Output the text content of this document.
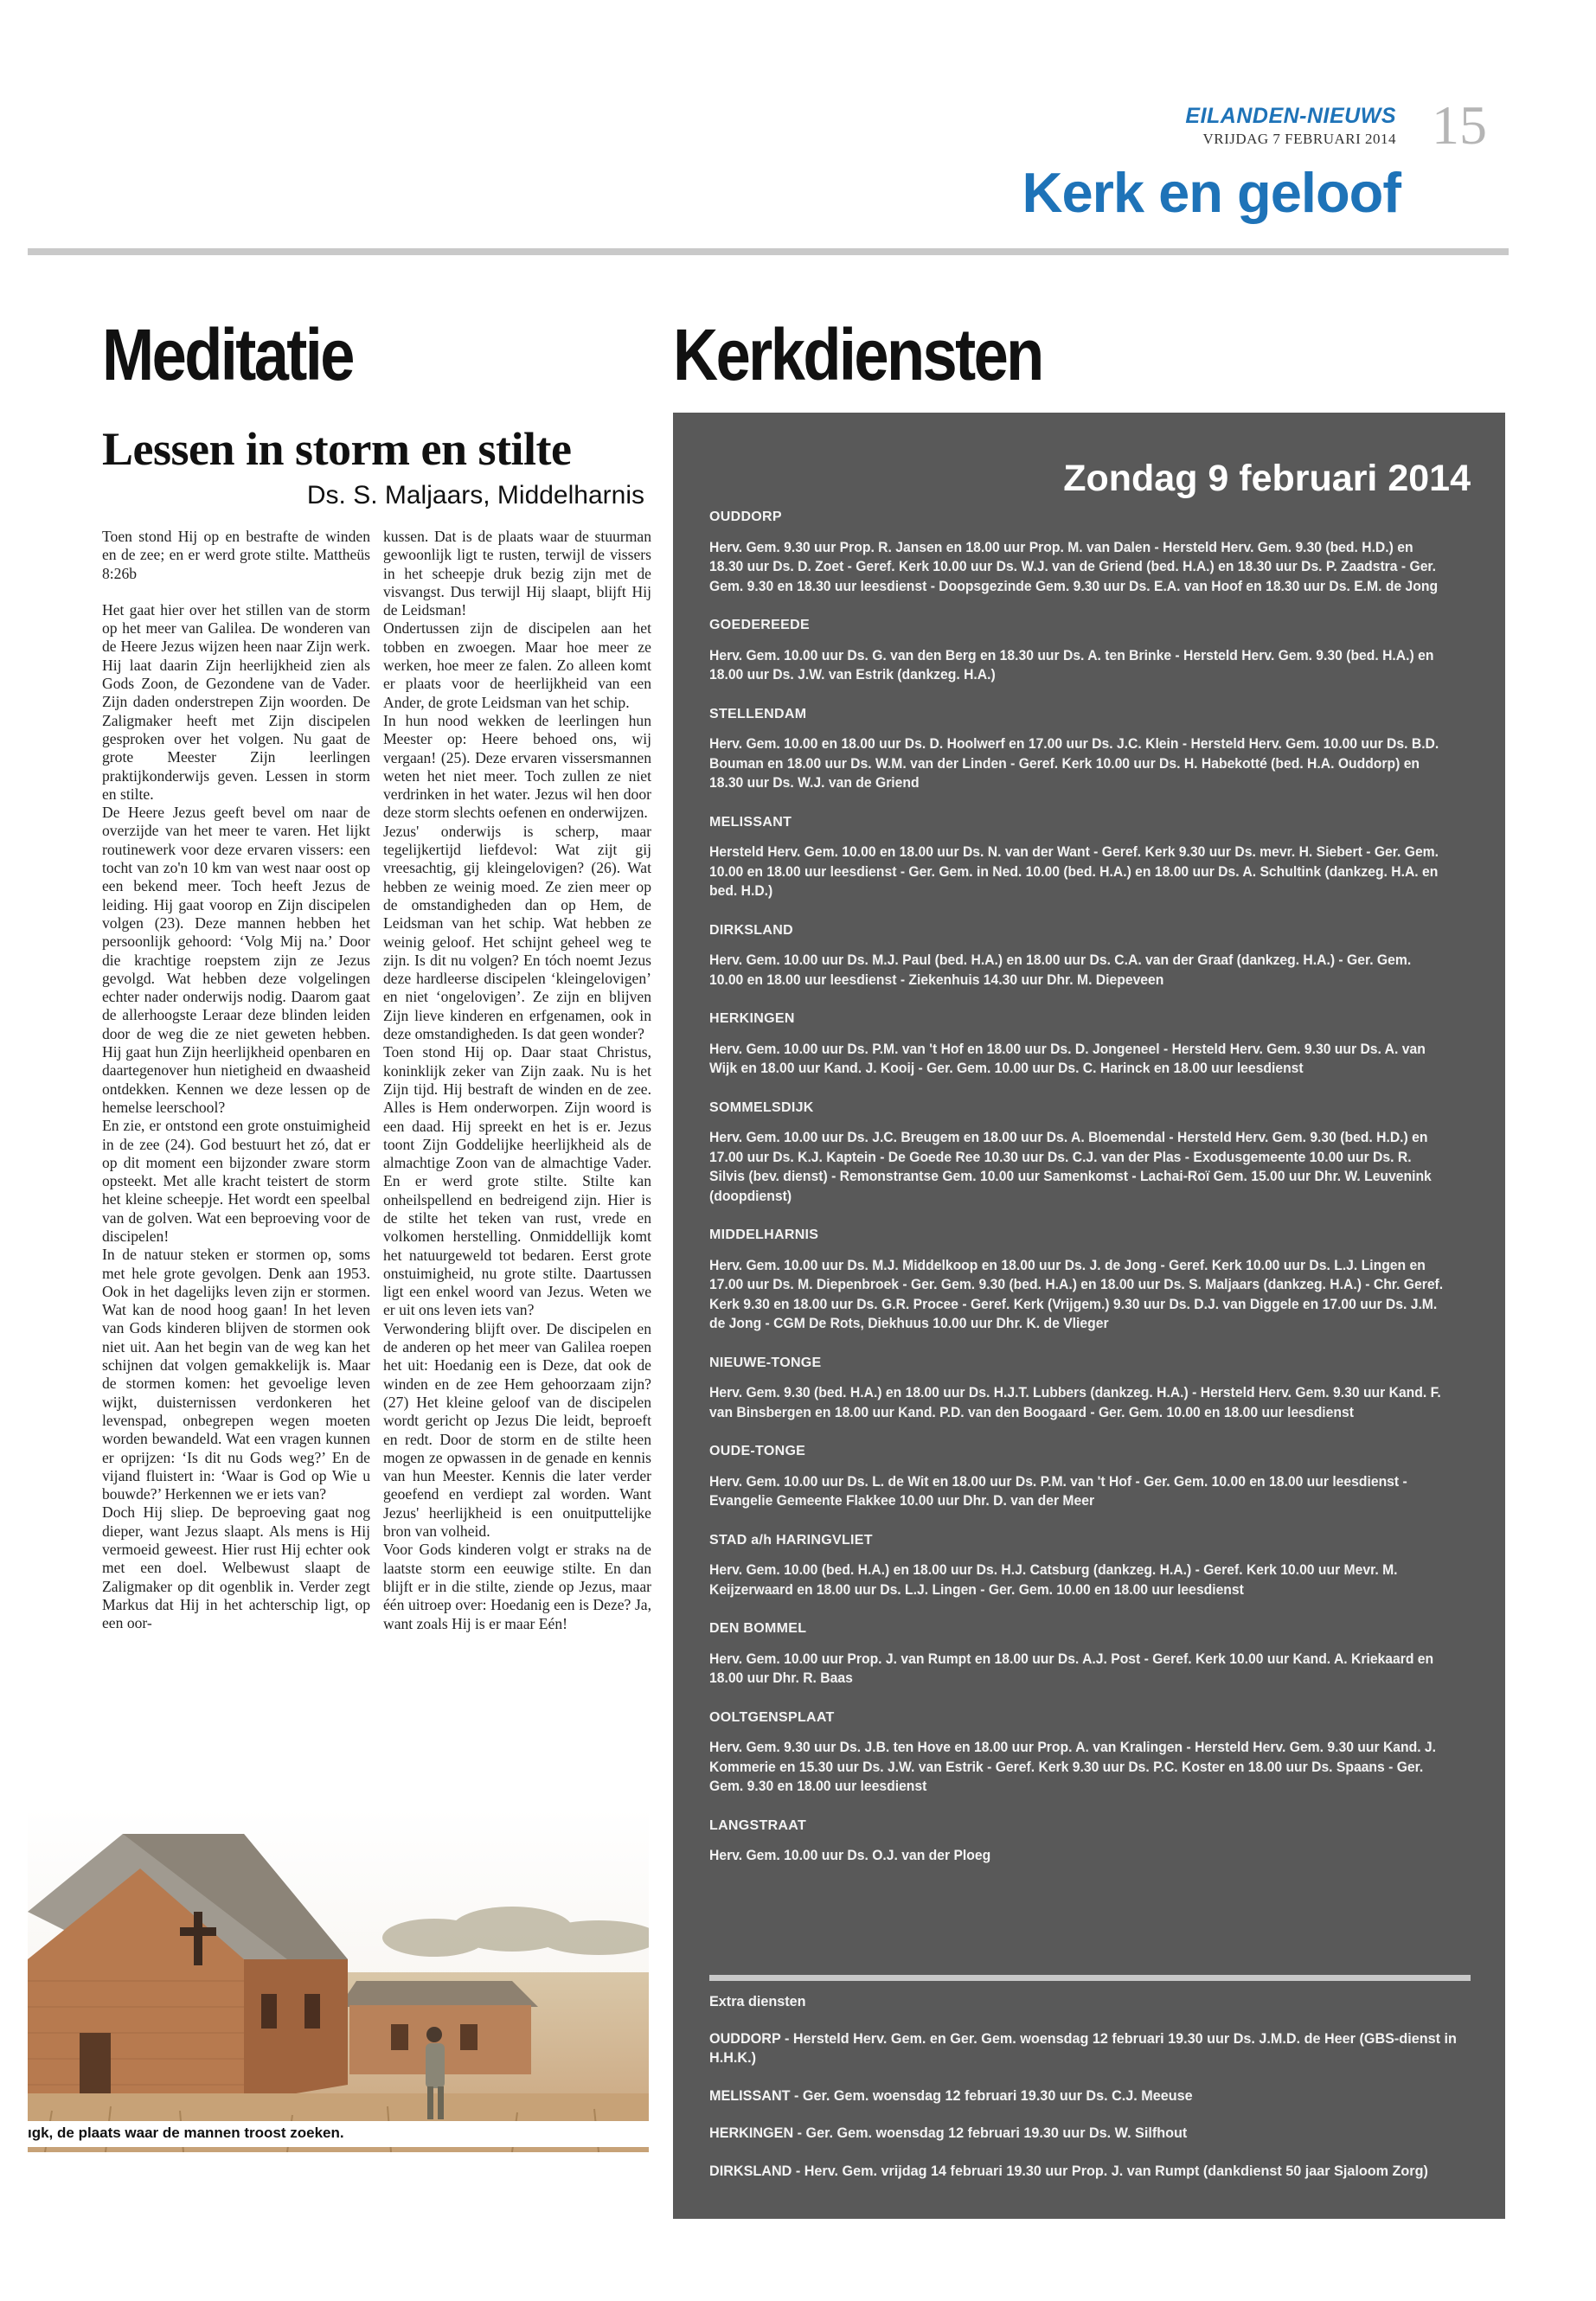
EILANDEN-NIEUWS
VRIJDAG 7 FEBRUARI 2014 15
Kerk en geloof
Meditatie
Lessen in storm en stilte
Ds. S. Maljaars, Middelharnis

Toen stond Hij op en bestrafte de winden en de zee; en er werd grote stilte. Mattheüs 8:26b

Het gaat hier over het stillen van de storm op het meer van Galilea. De wonderen van de Heere Jezus wijzen heen naar Zijn werk. Hij laat daarin Zijn heerlijkheid zien als Gods Zoon, de Gezondene van de Vader. Zijn daden onderstrepen Zijn woorden. De Zaligmaker heeft met Zijn discipelen gesproken over het volgen. Nu gaat de grote Meester Zijn leerlingen praktijkonderwijs geven. Lessen in storm en stilte.

De Heere Jezus geeft bevel om naar de overzijde van het meer te varen. Het lijkt routinewerk voor deze ervaren vissers: een tocht van zo'n 10 km van west naar oost op een bekend meer. Toch heeft Jezus de leiding. Hij gaat voorop en Zijn discipelen volgen (23). Deze mannen hebben het persoonlijk gehoord: ‘Volg Mij na.’ Door die krachtige roepstem zijn ze Jezus gevolgd. Wat hebben deze volgelingen echter nader onderwijs nodig. Daarom gaat de allerhoogste Leraar deze blinden leiden door de weg die ze niet geweten hebben. Hij gaat hun Zijn heerlijkheid openbaren en daartegenover hun nietigheid en dwaasheid ontdekken. Kennen we deze lessen op de hemelse leerschool?

En zie, er ontstond een grote onstuimigheid in de zee (24). God bestuurt het zó, dat er op dit moment een bijzonder zware storm opsteekt. Met alle kracht teistert de storm het kleine scheepje. Het wordt een speelbal van de golven. Wat een beproeving voor de discipelen!

In de natuur steken er stormen op, soms met hele grote gevolgen. Denk aan 1953. Ook in het dagelijks leven zijn er stormen. Wat kan de nood hoog gaan! In het leven van Gods kinderen blijven de stormen ook niet uit. Aan het begin van de weg kan het schijnen dat volgen gemakkelijk is. Maar de stormen komen: het gevoelige leven wijkt, duisternissen verdonkeren het levenspad, onbegrepen wegen moeten worden bewandeld. Wat een vragen kunnen er oprijzen: ‘Is dit nu Gods weg?’ En de vijand fluistert in: ‘Waar is God op Wie u bouwde?’ Herkennen we er iets van?

Doch Hij sliep. De beproeving gaat nog dieper, want Jezus slaapt. Als mens is Hij vermoeid geweest. Hier rust Hij echter ook met een doel. Welbewust slaapt de Zaligmaker op dit ogenblik in. Verder zegt Markus dat Hij in het achterschip ligt, op een oor-

kussen. Dat is de plaats waar de stuurman gewoonlijk ligt te rusten, terwijl de vissers in het scheepje druk bezig zijn met de visvangst. Dus terwijl Hij slaapt, blijft Hij de Leidsman!

Ondertussen zijn de discipelen aan het tobben en zwoegen. Maar hoe meer ze werken, hoe meer ze falen. Zo alleen komt er plaats voor de heerlijkheid van een Ander, de grote Leidsman van het schip.

In hun nood wekken de leerlingen hun Meester op: Heere behoed ons, wij vergaan! (25). Deze ervaren vissersmannen weten het niet meer. Toch zullen ze niet verdrinken in het water. Jezus wil hen door deze storm slechts oefenen en onderwijzen.

Jezus' onderwijs is scherp, maar tegelijkertijd liefdevol: Wat zijt gij vreesachtig, gij kleingelovigen? (26). Wat hebben ze weinig moed. Ze zien meer op de omstandigheden dan op Hem, de Leidsman van het schip. Wat hebben ze weinig geloof. Het schijnt geheel weg te zijn. Is dit nu volgen? En tóch noemt Jezus deze hardleerse discipelen ‘kleingelovigen’ en niet ‘ongelovigen’. Ze zijn en blijven Zijn lieve kinderen en erfgenamen, ook in deze omstandigheden. Is dat geen wonder?

Toen stond Hij op. Daar staat Christus, koninklijk zeker van Zijn zaak. Nu is het Zijn tijd. Hij bestraft de winden en de zee. Alles is Hem onderworpen. Zijn woord is een daad. Hij spreekt en het is er. Jezus toont Zijn Goddelijke heerlijkheid als de almachtige Zoon van de almachtige Vader. En er werd grote stilte. Stilte kan onheilspellend en bedreigend zijn. Hier is de stilte het teken van rust, vrede en volkomen herstelling. Onmiddellijk komt het natuurgeweld tot bedaren. Eerst grote onstuimigheid, nu grote stilte. Daartussen ligt een enkel woord van Jezus. Weten we er uit ons leven iets van?

Verwondering blijft over. De discipelen en de anderen op het meer van Galilea roepen het uit: Hoedanig een is Deze, dat ook de winden en de zee Hem gehoorzaam zijn? (27) Het kleine geloof van de discipelen wordt gericht op Jezus Die leidt, beproeft en redt. Door de storm en de stilte heen mogen ze opwassen in de genade en kennis van hun Meester. Kennis die later verder geoefend en verdiept zal worden. Want Jezus' heerlijkheid is een onuitputtelijke bron van volheid.

Voor Gods kinderen volgt er straks na de laatste storm een eeuwige stilte. En dan blijft er in die stilte, ziende op Jezus, maar één uitroep over: Hoedanig een is Deze? Ja, want zoals Hij is er maar Eén!

ıgk, de plaats waar de mannen troost zoeken.
Kerkdiensten
Zondag 9 februari 2014
OUDDORP
Herv. Gem. 9.30 uur Prop. R. Jansen en 18.00 uur Prop. M. van Dalen - Hersteld Herv. Gem. 9.30 (bed. H.D.) en 18.30 uur Ds. D. Zoet - Geref. Kerk 10.00 uur Ds. W.J. van de Griend (bed. H.A.) en 18.30 uur Ds. P. Zaadstra - Ger. Gem. 9.30 en 18.30 uur leesdienst - Doopsgezinde Gem. 9.30 uur Ds. E.A. van Hoof en 18.30 uur Ds. E.M. de Jong
GOEDEREEDE
Herv. Gem. 10.00 uur Ds. G. van den Berg en 18.30 uur Ds. A. ten Brinke - Hersteld Herv. Gem. 9.30 (bed. H.A.) en 18.00 uur Ds. J.W. van Estrik (dankzeg. H.A.)
STELLENDAM
Herv. Gem. 10.00 en 18.00 uur Ds. D. Hoolwerf en 17.00 uur Ds. J.C. Klein - Hersteld Herv. Gem. 10.00 uur Ds. B.D. Bouman en 18.00 uur Ds. W.M. van der Linden - Geref. Kerk 10.00 uur Ds. H. Habekotté (bed. H.A. Ouddorp) en 18.30 uur Ds. W.J. van de Griend
MELISSANT
Hersteld Herv. Gem. 10.00 en 18.00 uur Ds. N. van der Want - Geref. Kerk 9.30 uur Ds. mevr. H. Siebert - Ger. Gem. 10.00 en 18.00 uur leesdienst - Ger. Gem. in Ned. 10.00 (bed. H.A.) en 18.00 uur Ds. A. Schultink (dankzeg. H.A. en bed. H.D.)
DIRKSLAND
Herv. Gem. 10.00 uur Ds. M.J. Paul (bed. H.A.) en 18.00 uur Ds. C.A. van der Graaf (dankzeg. H.A.) - Ger. Gem. 10.00 en 18.00 uur leesdienst - Ziekenhuis 14.30 uur Dhr. M. Diepeveen
HERKINGEN
Herv. Gem. 10.00 uur Ds. P.M. van 't Hof en 18.00 uur Ds. D. Jongeneel - Hersteld Herv. Gem. 9.30 uur Ds. A. van Wijk en 18.00 uur Kand. J. Kooij - Ger. Gem. 10.00 uur Ds. C. Harinck en 18.00 uur leesdienst
SOMMELSDIJK
Herv. Gem. 10.00 uur Ds. J.C. Breugem en 18.00 uur Ds. A. Bloemendal - Hersteld Herv. Gem. 9.30 (bed. H.D.) en 17.00 uur Ds. K.J. Kaptein - De Goede Ree 10.30 uur Ds. C.J. van der Plas - Exodusgemeente 10.00 uur Ds. R. Silvis (bev. dienst) - Remonstrantse Gem. 10.00 uur Samenkomst - Lachai-Roï Gem. 15.00 uur Dhr. W. Leuvenink (doopdienst)
MIDDELHARNIS
Herv. Gem. 10.00 uur Ds. M.J. Middelkoop en 18.00 uur Ds. J. de Jong - Geref. Kerk 10.00 uur Ds. L.J. Lingen en 17.00 uur Ds. M. Diepenbroek - Ger. Gem. 9.30 (bed. H.A.) en 18.00 uur Ds. S. Maljaars (dankzeg. H.A.) - Chr. Geref. Kerk 9.30 en 18.00 uur Ds. G.R. Procee - Geref. Kerk (Vrijgem.) 9.30 uur Ds. D.J. van Diggele en 17.00 uur Ds. J.M. de Jong - CGM De Rots, Diekhuus 10.00 uur Dhr. K. de Vlieger
NIEUWE-TONGE
Herv. Gem. 9.30 (bed. H.A.) en 18.00 uur Ds. H.J.T. Lubbers (dankzeg. H.A.) - Hersteld Herv. Gem. 9.30 uur Kand. F. van Binsbergen en 18.00 uur Kand. P.D. van den Boogaard - Ger. Gem. 10.00 en 18.00 uur leesdienst
OUDE-TONGE
Herv. Gem. 10.00 uur Ds. L. de Wit en 18.00 uur Ds. P.M. van 't Hof - Ger. Gem. 10.00 en 18.00 uur leesdienst - Evangelie Gemeente Flakkee 10.00 uur Dhr. D. van der Meer
STAD a/h HARINGVLIET
Herv. Gem. 10.00 (bed. H.A.) en 18.00 uur Ds. H.J. Catsburg (dankzeg. H.A.) - Geref. Kerk 10.00 uur Mevr. M. Keijzerwaard en 18.00 uur Ds. L.J. Lingen - Ger. Gem. 10.00 en 18.00 uur leesdienst
DEN BOMMEL
Herv. Gem. 10.00 uur Prop. J. van Rumpt en 18.00 uur Ds. A.J. Post - Geref. Kerk 10.00 uur Kand. A. Kriekaard en 18.00 uur Dhr. R. Baas
OOLTGENSPLAAT
Herv. Gem. 9.30 uur Ds. J.B. ten Hove en 18.00 uur Prop. A. van Kralingen - Hersteld Herv. Gem. 9.30 uur Kand. J. Kommerie en 15.30 uur Ds. J.W. van Estrik - Geref. Kerk 9.30 uur Ds. P.C. Koster en 18.00 uur Ds. Spaans - Ger. Gem. 9.30 en 18.00 uur leesdienst
LANGSTRAAT
Herv. Gem. 10.00 uur Ds. O.J. van der Ploeg
Extra diensten
OUDDORP - Hersteld Herv. Gem. en Ger. Gem. woensdag 12 februari 19.30 uur Ds. J.M.D. de Heer (GBS-dienst in H.H.K.)
MELISSANT - Ger. Gem. woensdag 12 februari 19.30 uur Ds. C.J. Meeuse
HERKINGEN - Ger. Gem. woensdag 12 februari 19.30 uur Ds. W. Silfhout
DIRKSLAND - Herv. Gem. vrijdag 14 februari 19.30 uur Prop. J. van Rumpt (dankdienst 50 jaar Sjaloom Zorg)
